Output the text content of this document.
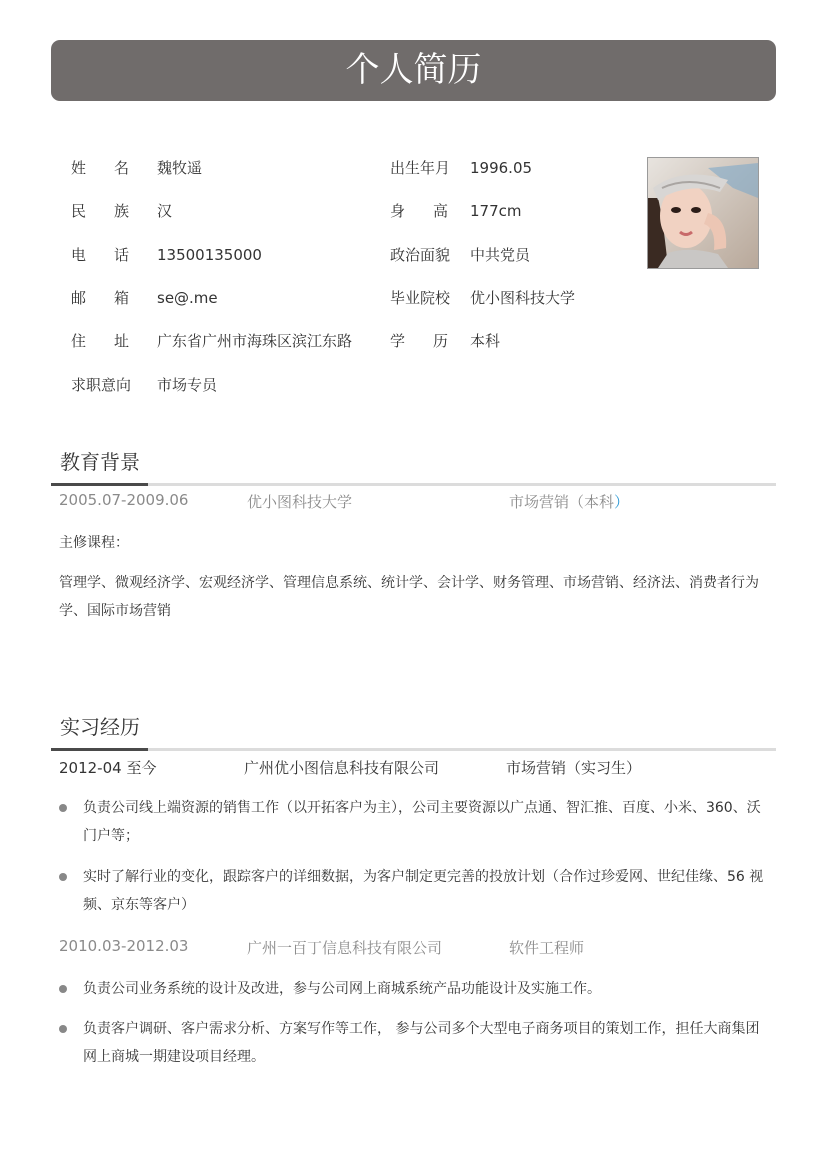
个人简历
姓 名 魏牧遥
民 族 汉
电 话 13500135000
邮 箱 se@.me
住 址 广东省广州市海珠区滨江东路
求职意向 市场专员
出生年月 1996.05
身 高 177cm
政治面貌 中共党员
毕业院校 优小图科技大学
学 历 本科
教育背景
2005.07-2009.06	优小图科技大学	市场营销（本科）
主修课程：
管理学、微观经济学、宏观经济学、管理信息系统、统计学、会计学、财务管理、市场营销、经济法、消费者行为学、国际市场营销
实习经历
2012-04 至今	广州优小图信息科技有限公司	市场营销（实习生）
负责公司线上端资源的销售工作（以开拓客户为主），公司主要资源以广点通、智汇推、百度、小米、360、沃门户等；
实时了解行业的变化，跟踪客户的详细数据，为客户制定更完善的投放计划（合作过珍爱网、世纪佳缘、56 视频、京东等客户）
2010.03-2012.03	广州一百丁信息科技有限公司	软件工程师
负责公司业务系统的设计及改进，参与公司网上商城系统产品功能设计及实施工作。
负责客户调研、客户需求分析、方案写作等工作， 参与公司多个大型电子商务项目的策划工作，担任大商集团网上商城一期建设项目经理。
